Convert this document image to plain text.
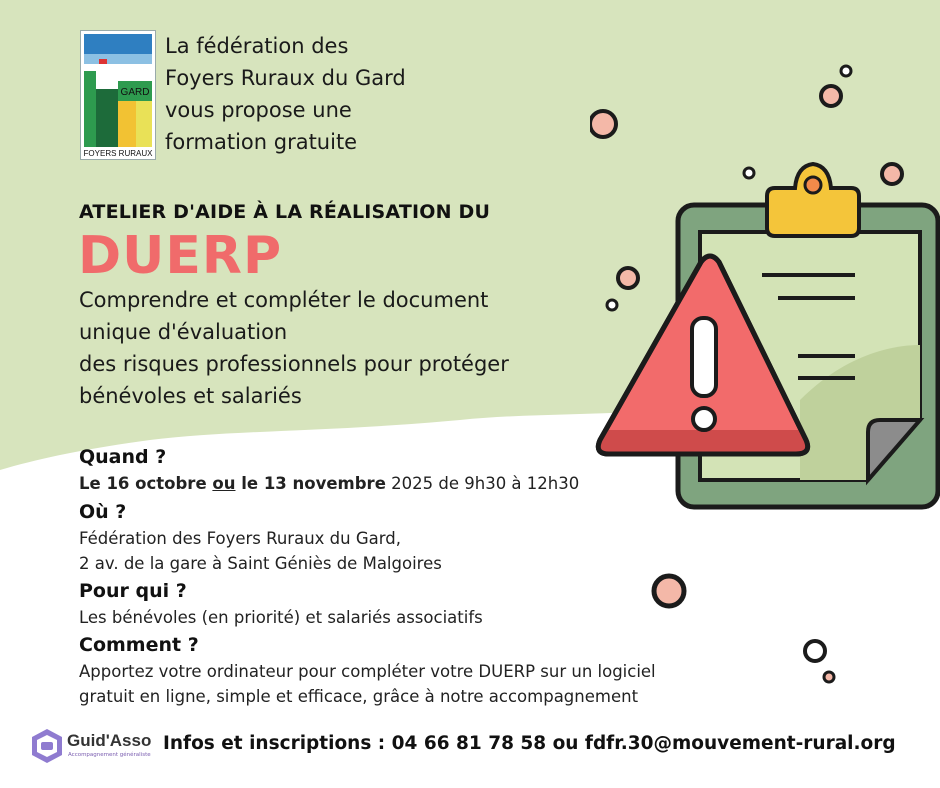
GARD
FOYERS RURAUX
La fédération des
Foyers Ruraux du Gard
vous propose une
formation gratuite
ATELIER D'AIDE À LA RÉALISATION DU
DUERP
Comprendre et compléter le document
unique d'évaluation
des risques professionnels pour protéger
bénévoles et salariés
Quand ?
Le 16 octobre ou le 13 novembre 2025 de 9h30 à 12h30
Où ?
Fédération des Foyers Ruraux du Gard,
2 av. de la gare à Saint Géniès de Malgoires
Pour qui ?
Les bénévoles (en priorité) et salariés associatifs
Comment ?
Apportez votre ordinateur pour compléter votre DUERP sur un logiciel
gratuit en ligne, simple et efficace, grâce à notre accompagnement
Guid'Asso
Accompagnement généraliste
Infos et inscriptions : 04 66 81 78 58 ou fdfr.30@mouvement-rural.org
